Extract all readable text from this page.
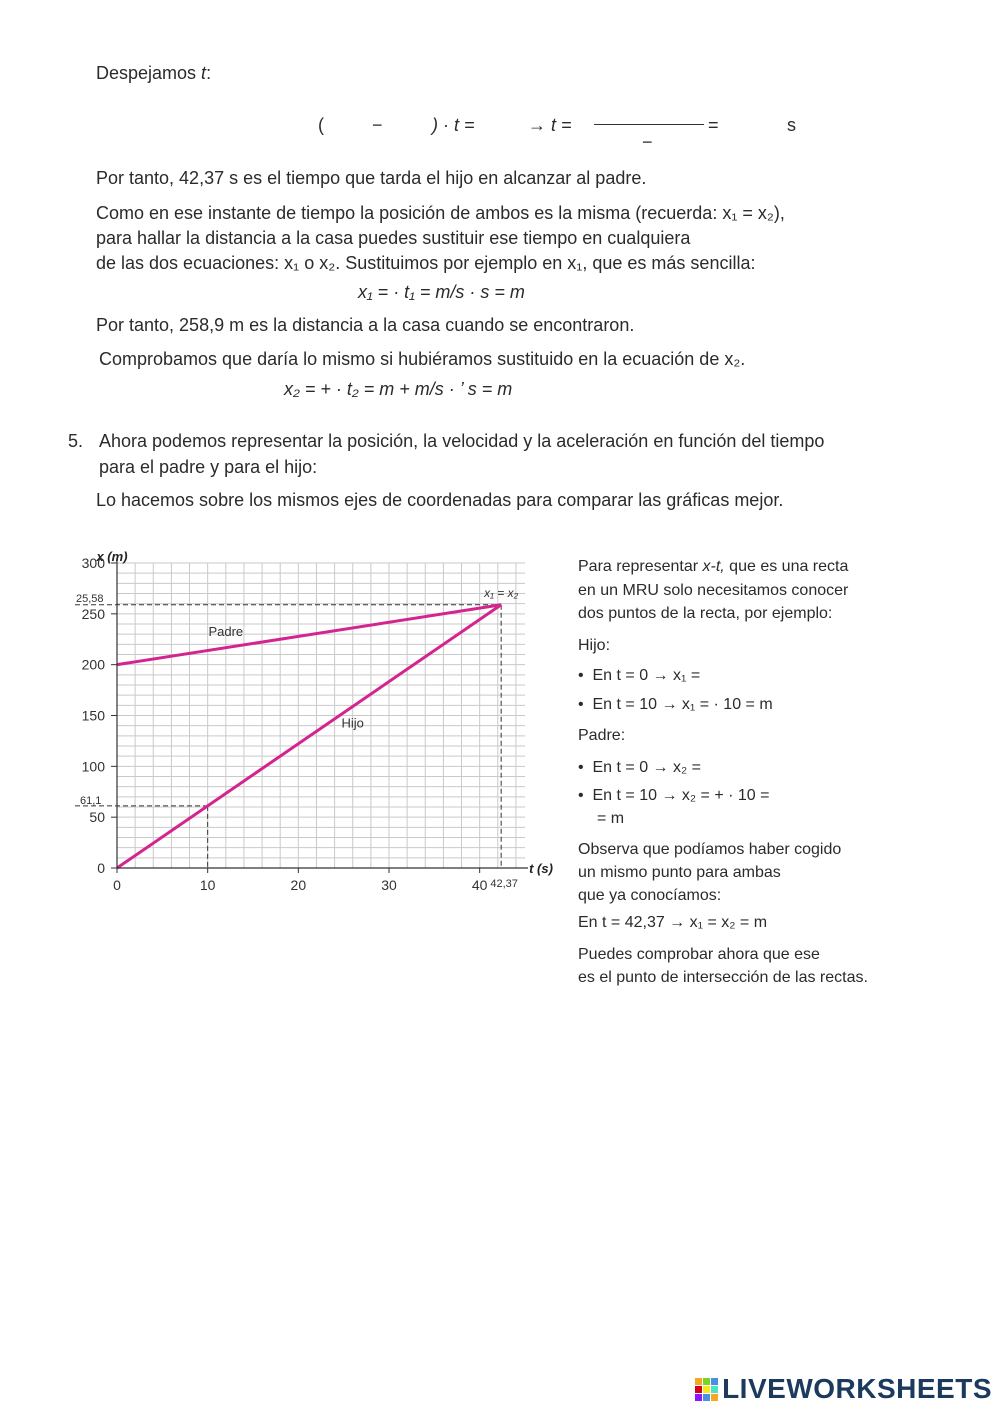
Despejamos t:
(	−	) · t =	→ t =
−
=	s
Por tanto, 42,37 s es el tiempo que tarda el hijo en alcanzar al padre.
Como en ese instante de tiempo la posición de ambos es la misma (recuerda: x₁ = x₂),
para hallar la distancia a la casa puedes sustituir ese tiempo en cualquiera
de las dos ecuaciones: x₁ o x₂. Sustituimos por ejemplo en x₁, que es más sencilla:
x₁ = · t₁ = m/s · s = m
Por tanto, 258,9 m es la distancia a la casa cuando se encontraron.
Comprobamos que daría lo mismo si hubiéramos sustituido en la ecuación de x₂.
x₂ = + · t₂ = m + m/s · ’ s = m
5. Ahora podemos representar la posición, la velocidad y la aceleración en función del tiempo
para el padre y para el hijo:
Lo hacemos sobre los mismos ejes de coordenadas para comparar las gráficas mejor.
Padre
Hijo
0
50
100
150
200
250
300
0	10	20	30	40
x (m)
t (s)
x₁ = x₂
42,37
25,58
61,1
Para representar x-t, que es una recta
en un MRU solo necesitamos conocer
dos puntos de la recta, por ejemplo:
Hijo:
•  En t = 0 → x₁ =
•  En t = 10 → x₁ = · 10 = m
Padre:
•  En t = 0 → x₂ =
•  En t = 10 → x₂ = + · 10 =
= m
Observa que podíamos haber cogido
un mismo punto para ambas
que ya conocíamos:
En t = 42,37 → x₁ = x₂ = m
Puedes comprobar ahora que ese
es el punto de intersección de las rectas.
LIVEWORKSHEETS
